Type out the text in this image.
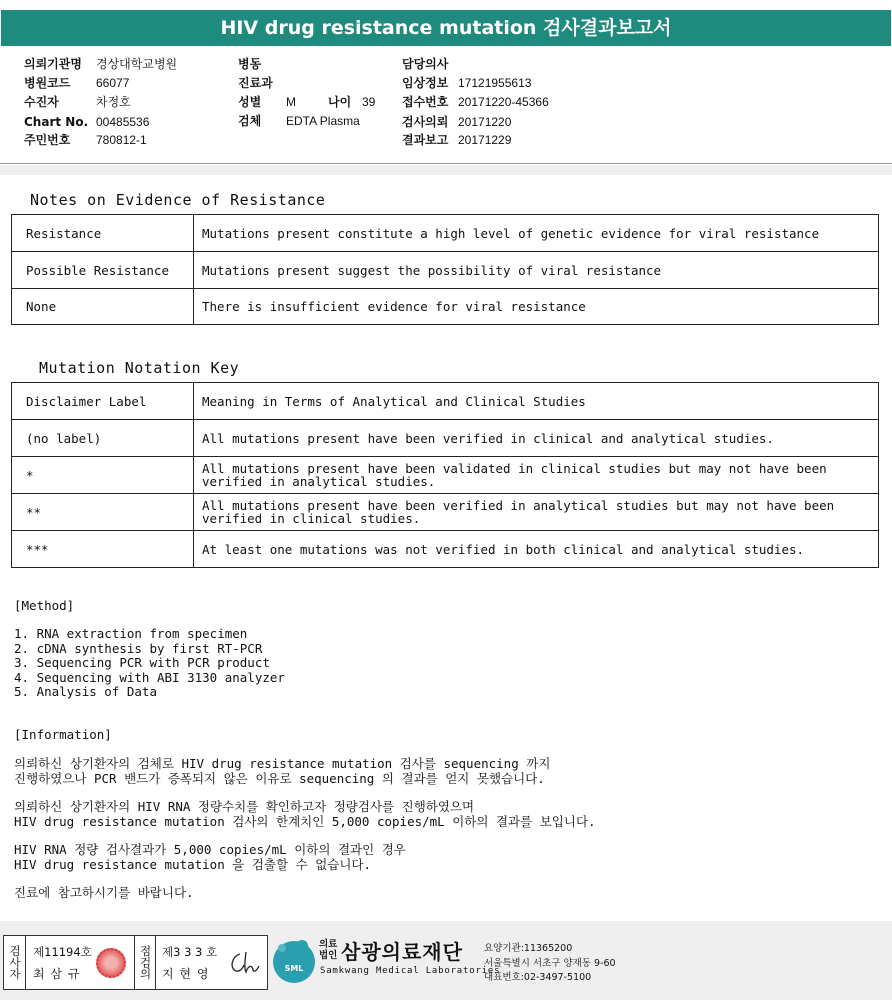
HIV drug resistance mutation 검사결과보고서
의뢰기관명 경상대학교병원
병원코드 66077
수진자	차정호
Chart No. 00485536
주민번호 780812-1
병동
진료과
성별 M	나이 39
검체 EDTA Plasma
담당의사
임상정보 17121955613
접수번호 20171220-45366
검사의뢰 20171220
결과보고 20171229
Notes on Evidence of Resistance
Resistance	Mutations present constitute a high level of genetic evidence for viral resistance
Possible Resistance	Mutations present suggest the possibility of viral resistance
None	There is insufficient evidence for viral resistance
Mutation Notation Key
Disclaimer Label	Meaning in Terms of Analytical and Clinical Studies
(no label)	All mutations present have been verified in clinical and analytical studies.
*	All mutations present have been validated in clinical studies but may not have been verified in analytical studies.
**	All mutations present have been verified in analytical studies but may not have been verified in clinical studies.
***	At least one mutations was not verified in both clinical and analytical studies.
[Method]
1. RNA extraction from specimen
2. cDNA synthesis by first RT-PCR
3. Sequencing PCR with PCR product
4. Sequencing with ABI 3130 analyzer
5. Analysis of Data
[Information]
의뢰하신 상기환자의 검체로 HIV drug resistance mutation 검사를 sequencing 까지
진행하였으나 PCR 밴드가 증폭되지 않은 이유로 sequencing 의 결과를 얻지 못했습니다.
의뢰하신 상기환자의 HIV RNA 정량수치를 확인하고자 정량검사를 진행하였으며
HIV drug resistance mutation 검사의 한계치인 5,000 copies/mL 이하의 결과를 보입니다.
HIV RNA 정량 검사결과가 5,000 copies/mL 이하의 결과인 경우
HIV drug resistance mutation 을 검출할 수 없습니다.
진료에 참고하시기를 바랍니다.
검사자 제11194호
최 삼 규	점검의 제3 3 3 호
지 현 영	SML
의료
법인 삼광의료재단
Samkwang Medical Laboratories
요양기관:11365200
서울특별시 서초구 양재동 9-60
대표번호:02-3497-5100
